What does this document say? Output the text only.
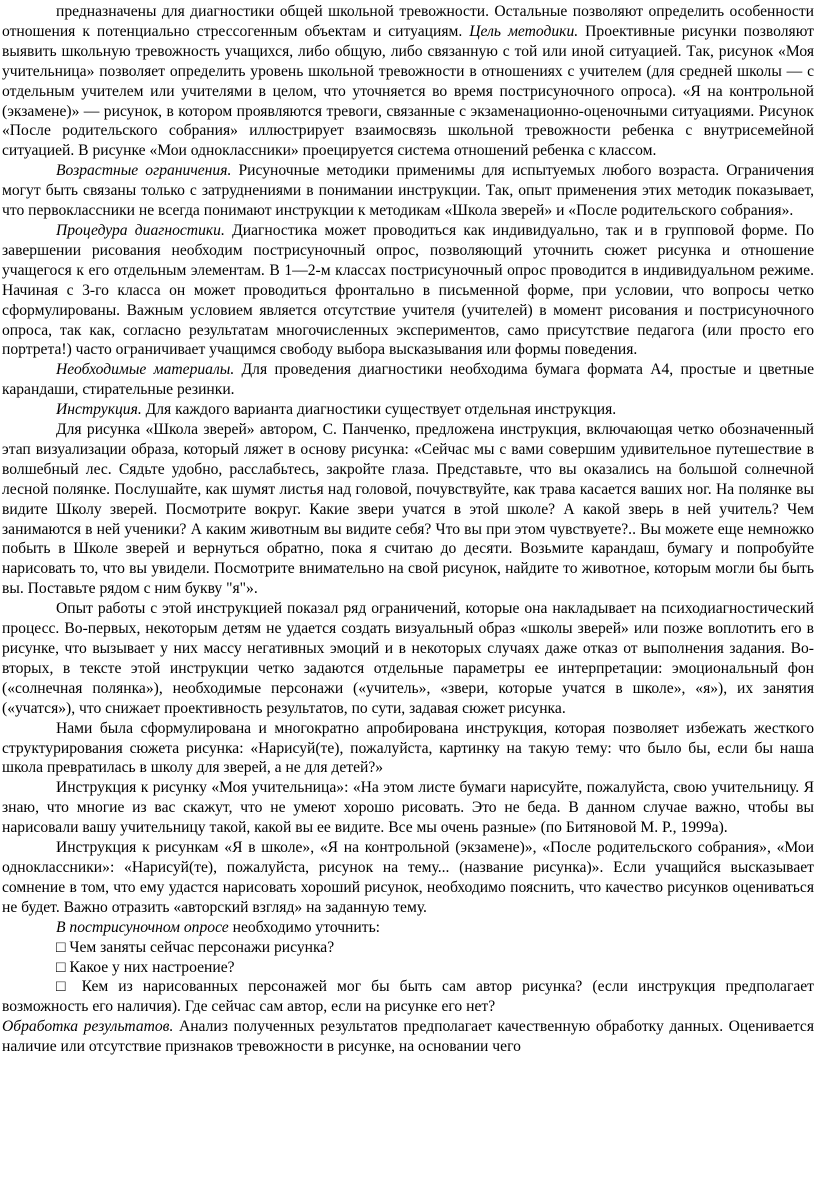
предназначены для диагностики общей школьной тревожности. Остальные позволяют определить особенности отношения к потенциально стрессогенным объектам и ситуациям. Цель методики. Проективные рисунки позволяют выявить школьную тревожность учащихся, либо общую, либо связанную с той или иной ситуацией. Так, рисунок «Моя учительница» позволяет определить уровень школьной тревожности в отношениях с учителем (для средней школы — с отдельным учителем или учителями в целом, что уточняется во время пострисуночного опроса). «Я на контрольной (экзамене)» — рисунок, в котором проявляются тревоги, связанные с экзаменационно-оценочными ситуациями. Рисунок «После родительского собрания» иллюстрирует взаимосвязь школьной тревожности ребенка с внутрисемейной ситуацией. В рисунке «Мои одноклассники» проецируется система отношений ребенка с классом.

Возрастные ограничения. Рисуночные методики применимы для испытуемых любого возраста. Ограничения могут быть связаны только с затруднениями в понимании инструкции. Так, опыт применения этих методик показывает, что первоклассники не всегда понимают инструкции к методикам «Школа зверей» и «После родительского собрания».

Процедура диагностики. Диагностика может проводиться как индивидуально, так и в групповой форме. По завершении рисования необходим пострисуночный опрос, позволяющий уточнить сюжет рисунка и отношение учащегося к его отдельным элементам. В 1—2-м классах пострисуночный опрос проводится в индивидуальном режиме. Начиная с 3-го класса он может проводиться фронтально в письменной форме, при условии, что вопросы четко сформулированы. Важным условием является отсутствие учителя (учителей) в момент рисования и пострисуночного опроса, так как, согласно результатам многочисленных экспериментов, само присутствие педагога (или просто его портрета!) часто ограничивает учащимся свободу выбора высказывания или формы поведения.

Необходимые материалы. Для проведения диагностики необходима бумага формата А4, простые и цветные карандаши, стирательные резинки.

Инструкция. Для каждого варианта диагностики существует отдельная инструкция.

Для рисунка «Школа зверей» автором, С. Панченко, предложена инструкция, включающая четко обозначенный этап визуализации образа, который ляжет в основу рисунка: «Сейчас мы с вами совершим удивительное путешествие в волшебный лес. Сядьте удобно, расслабьтесь, закройте глаза. Представьте, что вы оказались на большой солнечной лесной полянке. Послушайте, как шумят листья над головой, почувствуйте, как трава касается ваших ног. На полянке вы видите Школу зверей. Посмотрите вокруг. Какие звери учатся в этой школе? А какой зверь в ней учитель? Чем занимаются в ней ученики? А каким животным вы видите себя? Что вы при этом чувствуете?.. Вы можете еще немножко побыть в Школе зверей и вернуться обратно, пока я считаю до десяти. Возьмите карандаш, бумагу и попробуйте нарисовать то, что вы увидели. Посмотрите внимательно на свой рисунок, найдите то животное, которым могли бы быть вы. Поставьте рядом с ним букву "я"».

Опыт работы с этой инструкцией показал ряд ограничений, которые она накладывает на психодиагностический процесс. Во-первых, некоторым детям не удается создать визуальный образ «школы зверей» или позже воплотить его в рисунке, что вызывает у них массу негативных эмоций и в некоторых случаях даже отказ от выполнения задания. Во-вторых, в тексте этой инструкции четко задаются отдельные параметры ее интерпретации: эмоциональный фон («солнечная полянка»), необходимые персонажи («учитель», «звери, которые учатся в школе», «я»), их занятия («учатся»), что снижает проективность результатов, по сути, задавая сюжет рисунка.

Нами была сформулирована и многократно апробирована инструкция, которая позволяет избежать жесткого структурирования сюжета рисунка: «Нарисуй(те), пожалуйста, картинку на такую тему: что было бы, если бы наша школа превратилась в школу для зверей, а не для детей?»

Инструкция к рисунку «Моя учительница»: «На этом листе бумаги нарисуйте, пожалуйста, свою учительницу. Я знаю, что многие из вас скажут, что не умеют хорошо рисовать. Это не беда. В данном случае важно, чтобы вы нарисовали вашу учительницу такой, какой вы ее видите. Все мы очень разные» (по Битяновой М. Р., 1999а).

Инструкция к рисункам «Я в школе», «Я на контрольной (экзамене)», «После родительского собрания», «Мои одноклассники»: «Нарисуй(те), пожалуйста, рисунок на тему... (название рисунка)». Если учащийся высказывает сомнение в том, что ему удастся нарисовать хороший рисунок, необходимо пояснить, что качество рисунков оцениваться не будет. Важно отразить «авторский взгляд» на заданную тему.

В пострисуночном опросе необходимо уточнить:

□ Чем заняты сейчас персонажи рисунка?

□ Какое у них настроение?

□ Кем из нарисованных персонажей мог бы быть сам автор рисунка? (если инструкция предполагает возможность его наличия). Где сейчас сам автор, если на рисунке его нет?

Обработка результатов. Анализ полученных результатов предполагает качественную обработку данных. Оценивается наличие или отсутствие признаков тревожности в рисунке, на основании чего
